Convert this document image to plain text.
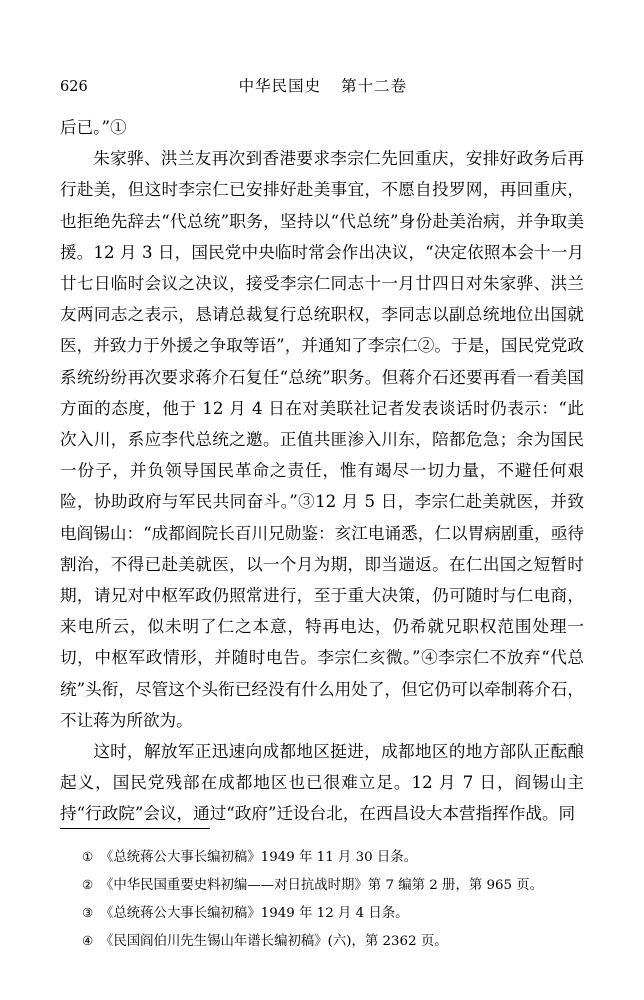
626	中华民国史 第十二卷

后已。”①

朱家骅、洪兰友再次到香港要求李宗仁先回重庆，安排好政务后再行赴美，但这时李宗仁已安排好赴美事宜，不愿自投罗网，再回重庆，也拒绝先辞去“代总统”职务，坚持以“代总统”身份赴美治病，并争取美援。12 月 3 日，国民党中央临时常会作出决议，“决定依照本会十一月廿七日临时会议之决议，接受李宗仁同志十一月廿四日对朱家骅、洪兰友两同志之表示，恳请总裁复行总统职权，李同志以副总统地位出国就医，并致力于外援之争取等语”，并通知了李宗仁②。于是，国民党党政系统纷纷再次要求蒋介石复任“总统”职务。但蒋介石还要再看一看美国方面的态度，他于 12 月 4 日在对美联社记者发表谈话时仍表示：“此次入川，系应李代总统之邀。正值共匪渗入川东，陪都危急；余为国民一份子，并负领导国民革命之责任，惟有竭尽一切力量，不避任何艰险，协助政府与军民共同奋斗。”③12 月 5 日，李宗仁赴美就医，并致电阎锡山：“成都阎院长百川兄勋鉴：亥江电诵悉，仁以胃病剧重，亟待割治，不得已赴美就医，以一个月为期，即当遄返。在仁出国之短暂时期，请兄对中枢军政仍照常进行，至于重大决策，仍可随时与仁电商，来电所云，似未明了仁之本意，特再电达，仍希就兄职权范围处理一切，中枢军政情形，并随时电告。李宗仁亥微。”④李宗仁不放弃“代总统”头衔，尽管这个头衔已经没有什么用处了，但它仍可以牵制蒋介石，不让蒋为所欲为。

这时，解放军正迅速向成都地区挺进，成都地区的地方部队正酝酿起义，国民党残部在成都地区也已很难立足。12 月 7 日，阎锡山主持“行政院”会议，通过“政府”迁设台北，在西昌设大本营指挥作战。同

① 《总统蒋公大事长编初稿》1949 年 11 月 30 日条。
② 《中华民国重要史料初编——对日抗战时期》第 7 编第 2 册，第 965 页。
③ 《总统蒋公大事长编初稿》1949 年 12 月 4 日条。
④ 《民国阎伯川先生锡山年谱长编初稿》(六)，第 2362 页。
